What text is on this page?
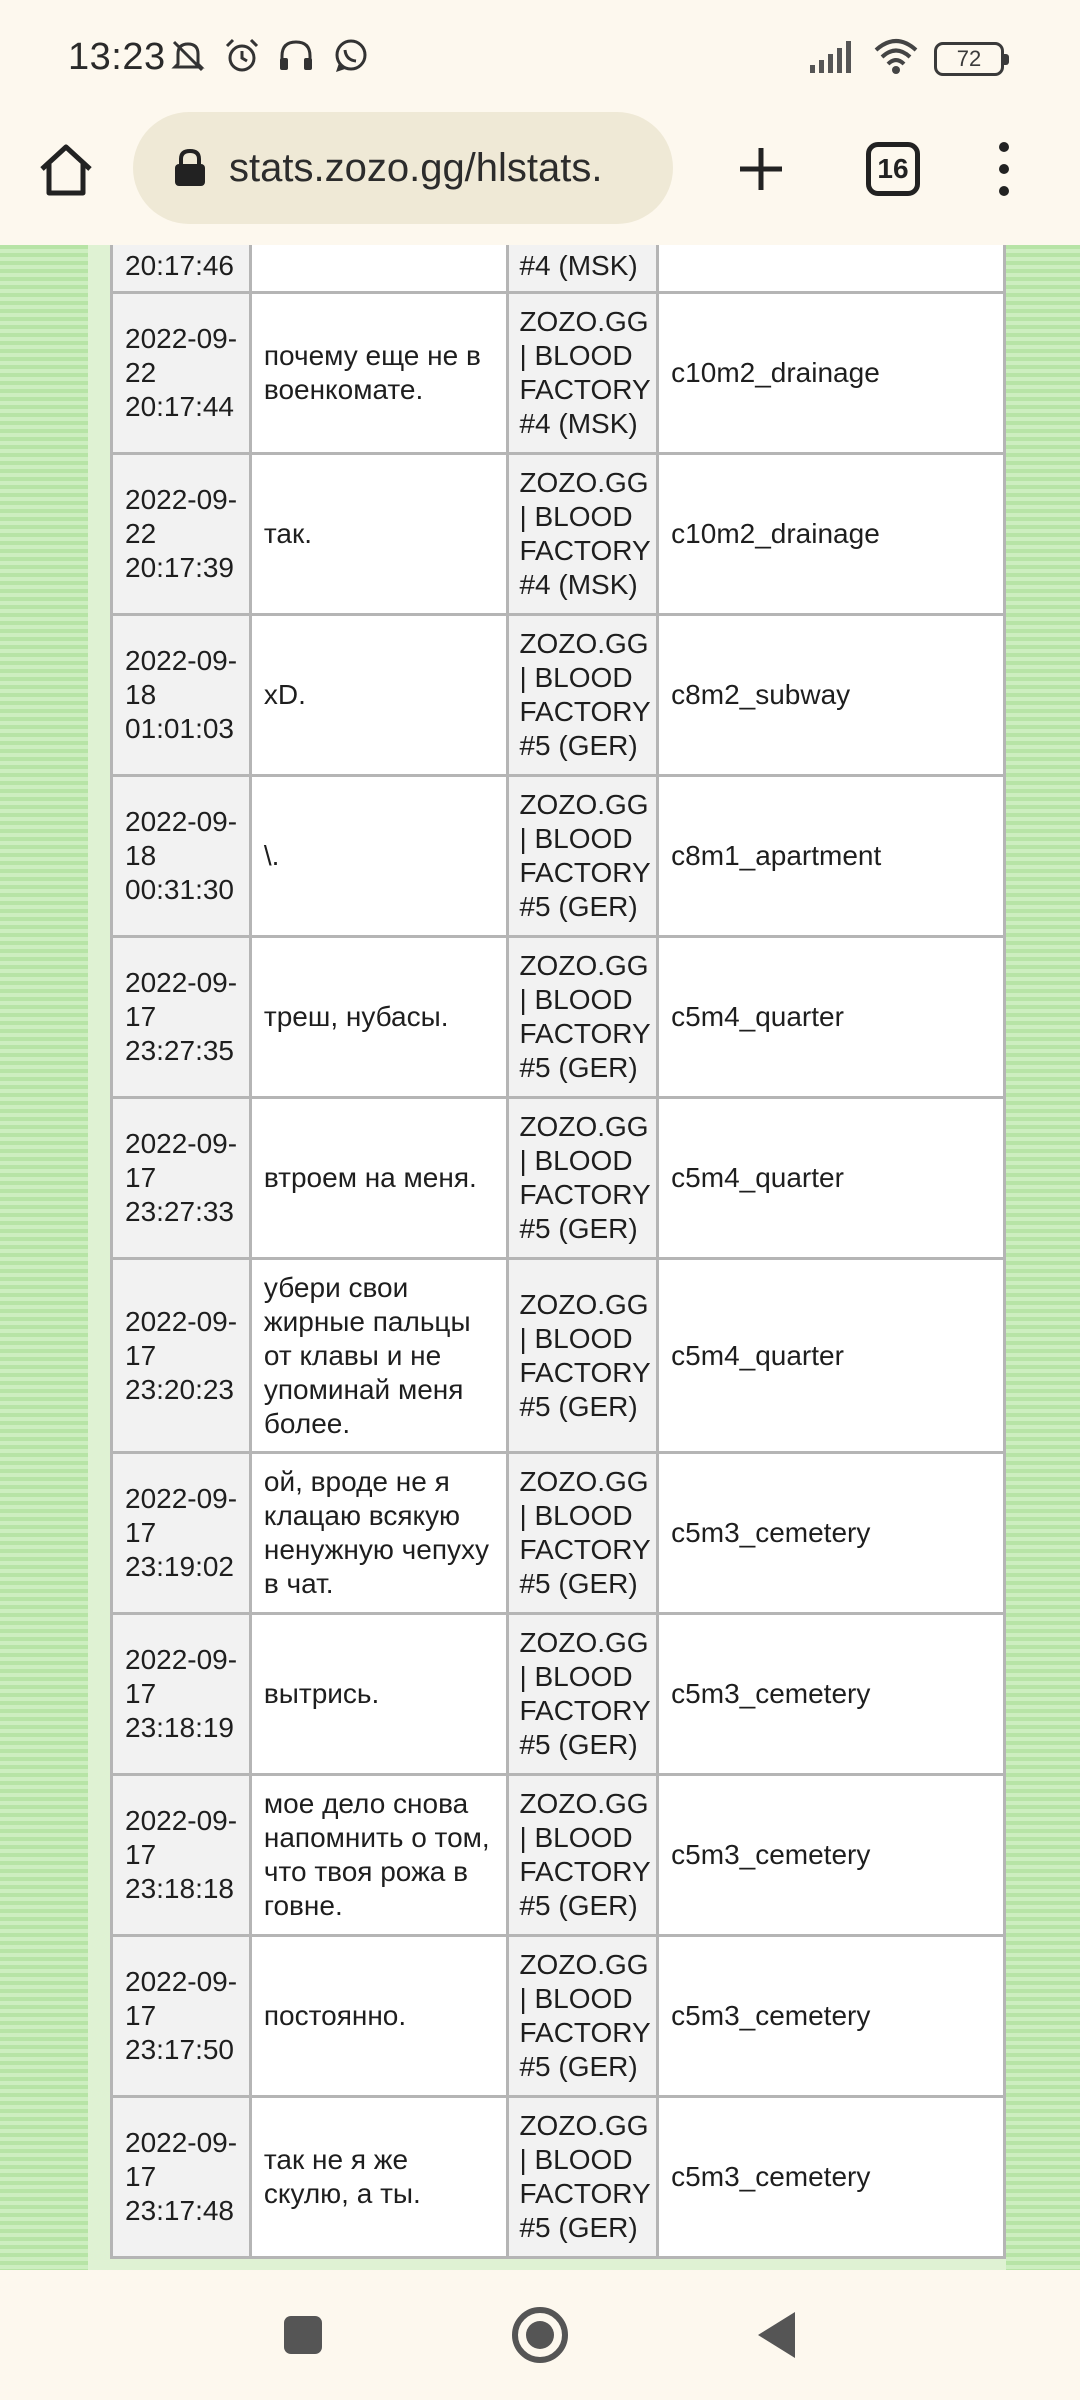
13:23	72
stats.zozo.gg/hlstats.	16
20:17:46		#4 (MSK)	
2022-09-22 20:17:44	почему еще не в военкомате.	ZOZO.GG | BLOOD FACTORY #4 (MSK)	c10m2_drainage
2022-09-22 20:17:39	так.	ZOZO.GG | BLOOD FACTORY #4 (MSK)	c10m2_drainage
2022-09-18 01:01:03	xD.	ZOZO.GG | BLOOD FACTORY #5 (GER)	c8m2_subway
2022-09-18 00:31:30	\.	ZOZO.GG | BLOOD FACTORY #5 (GER)	c8m1_apartment
2022-09-17 23:27:35	треш, нубасы.	ZOZO.GG | BLOOD FACTORY #5 (GER)	c5m4_quarter
2022-09-17 23:27:33	втроем на меня.	ZOZO.GG | BLOOD FACTORY #5 (GER)	c5m4_quarter
2022-09-17 23:20:23	убери свои жирные пальцы от клавы и не упоминай меня более.	ZOZO.GG | BLOOD FACTORY #5 (GER)	c5m4_quarter
2022-09-17 23:19:02	ой, вроде не я клацаю всякую ненужную чепуху в чат.	ZOZO.GG | BLOOD FACTORY #5 (GER)	c5m3_cemetery
2022-09-17 23:18:19	вытрись.	ZOZO.GG | BLOOD FACTORY #5 (GER)	c5m3_cemetery
2022-09-17 23:18:18	мое дело снова напомнить о том, что твоя рожа в говне.	ZOZO.GG | BLOOD FACTORY #5 (GER)	c5m3_cemetery
2022-09-17 23:17:50	постоянно.	ZOZO.GG | BLOOD FACTORY #5 (GER)	c5m3_cemetery
2022-09-17 23:17:48	так не я же скулю, а ты.	ZOZO.GG | BLOOD FACTORY #5 (GER)	c5m3_cemetery
